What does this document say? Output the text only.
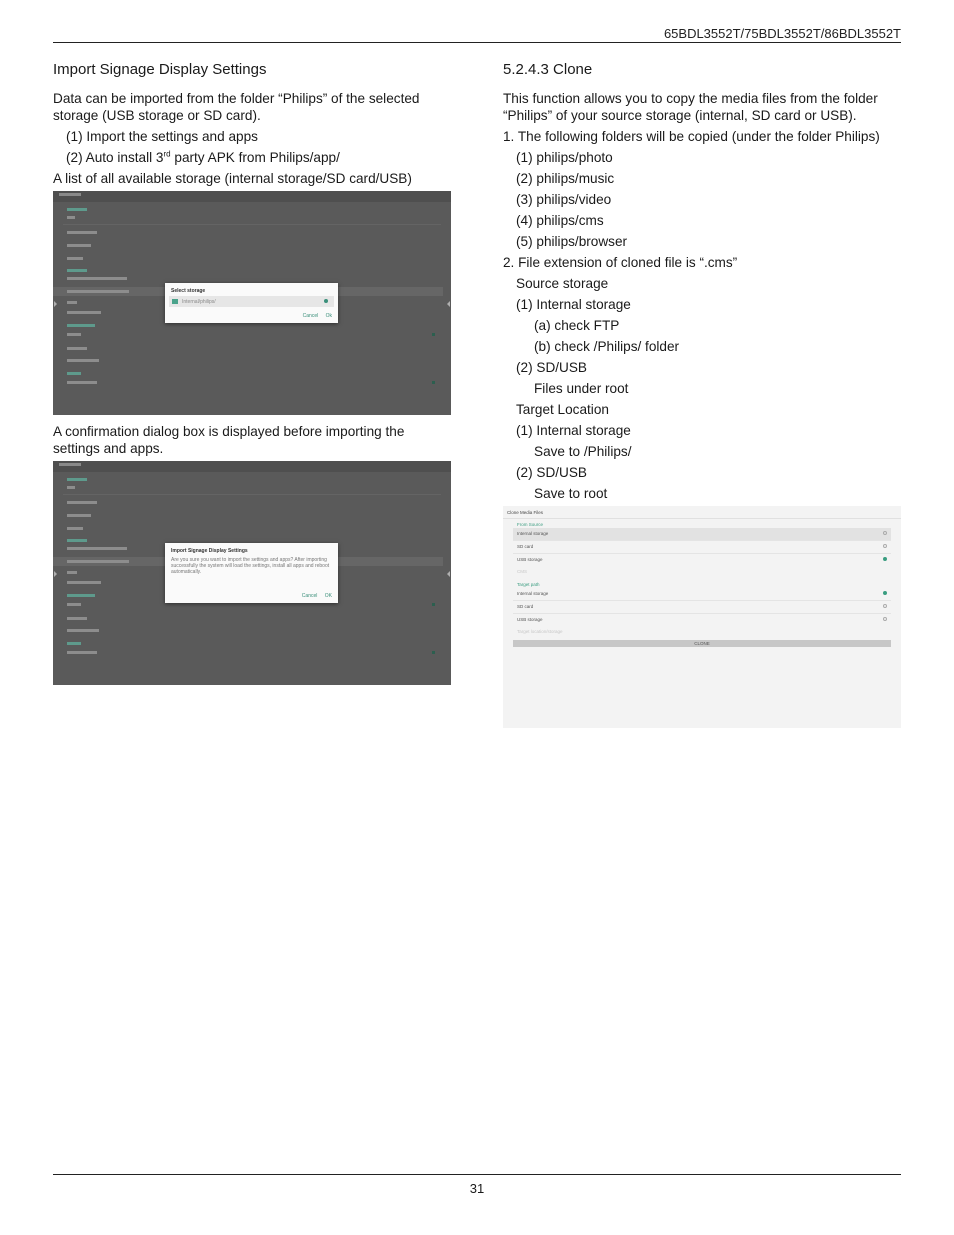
65BDL3552T/75BDL3552T/86BDL3552T
Import Signage Display Settings

Data can be imported from the folder “Philips” of the selected storage (USB storage or SD card).

(1) Import the settings and apps

(2) Auto install 3rd party APK from Philips/app/

A list of all available storage (internal storage/SD card/USB)

Select storage
Internal/philips/
Cancel Ok

A confirmation dialog box is displayed before importing the settings and apps.

Import Signage Display Settings
Are you sure you want to import the settings and apps? After importing successfully the system will load the settings, install all apps and reboot automatically.
Cancel OK
5.2.4.3 Clone

This function allows you to copy the media files from the folder “Philips” of your source storage (internal, SD card or USB).

1. The following folders will be copied (under the folder Philips)

(1) philips/photo
(2) philips/music
(3) philips/video
(4) philips/cms
(5) philips/browser
2. File extension of cloned file is “.cms”
Source storage
(1) Internal storage
(a) check FTP
(b) check /Philips/ folder
(2) SD/USB
Files under root
Target Location
(1) Internal storage
Save to /Philips/
(2) SD/USB
Save to root
Clone Media Files
From Source
Internal storage
SD card
USB storage
CMS
Target path
Internal storage
SD card
USB storage
Target location/storage
CLONE
31
